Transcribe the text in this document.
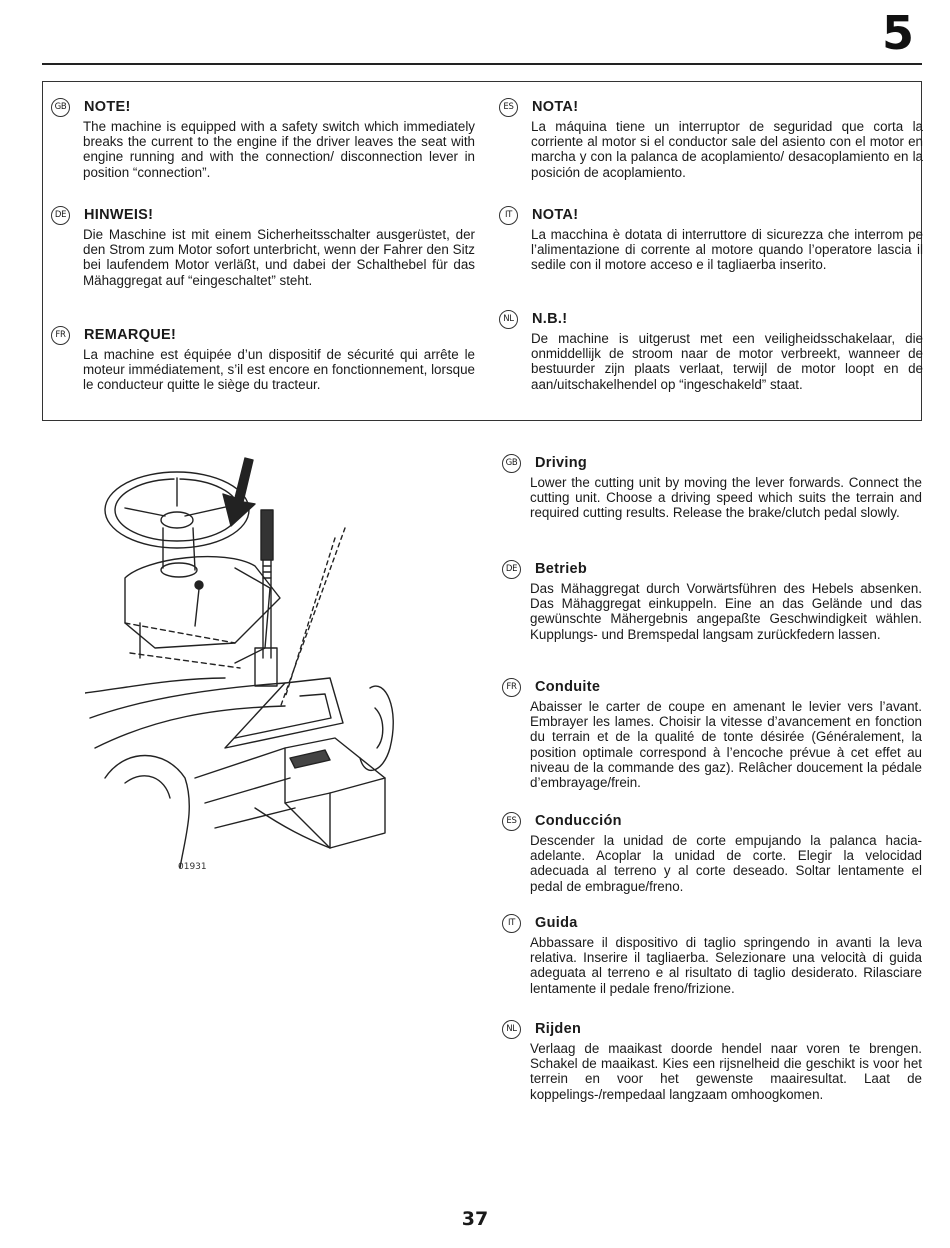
5
GB NOTE!
The machine is equipped with a safety switch which immediately breaks the current to the engine if the driver leaves the seat with engine running and with the connection/ disconnection lever in position “connection”.
DE HINWEIS!
Die Maschine ist mit einem Sicherheitsschalter ausgerüstet, der den Strom zum Motor sofort unterbricht, wenn der Fahrer den Sitz bei laufendem Motor verläßt, und dabei der Schalthebel für das Mähaggregat auf “eingeschaltet” steht.
FR	REMARQUE!
La machine est équipée d’un dispositif de sécurité qui arrête le moteur immédiatement, s’il est encore en fonctionnement, lorsque le conducteur quitte le siège du tracteur.
ES	NOTA!
La máquina tiene un interruptor de seguridad que corta la corriente al motor si el conductor sale del asiento con el motor en marcha y con la palanca de acoplamiento/ desacoplamiento en la posición de acoplamiento.
IT	NOTA!
La macchina è dotata di interruttore di sicurezza che interrom pe l’alimentazione di corrente al motore quando l’operatore lascia il sedile con il motore acceso e il tagliaerba inserito.
NL N.B.!
De machine is uitgerust met een veiligheidsschakelaar, die onmiddellijk de stroom naar de motor verbreekt, wanneer de bestuurder zijn plaats verlaat, terwijl de motor loopt en de aan/uitschakelhendel op “ingeschakeld” staat.
01931
GB Driving
Lower the cutting unit by moving the lever forwards. Connect the cutting unit. Choose a driving speed which suits the terrain and required cutting results. Release the brake/clutch pedal slowly.
DE Betrieb
Das Mähaggregat durch Vorwärtsführen des Hebels absenken. Das Mähaggregat einkuppeln. Eine an das Gelände und das gewünschte Mähergebnis angepaßte Geschwindigkeit wählen. Kupplungs- und Bremspedal langsam zurückfedern lassen.
FR	Conduite
Abaisser le carter de coupe en amenant le levier vers l’avant. Embrayer les lames. Choisir la vitesse d’avancement en fonction du terrain et de la qualité de tonte désirée (Généralement, la position optimale correspond à l’encoche prévue à cet effet au niveau de la commande des gaz). Relâcher doucement la pédale d’embrayage/frein.
ES	Conducción
Descender la unidad de corte empujando la palanca hacia-adelante. Acoplar la unidad de corte. Elegir la velocidad adecuada al terreno y al corte deseado. Soltar lentamente el pedal de embrague/freno.
IT	Guida
Abbassare il dispositivo di taglio springendo in avanti la leva relativa. Inserire il tagliaerba. Selezionare una velocità di guida adeguata al terreno e al risultato di taglio desiderato. Rilasciare lentamente il pedale freno/frizione.
NL Rijden
Verlaag de maaikast doorde hendel naar voren te brengen. Schakel de maaikast. Kies een rijsnelheid die geschikt is voor het terrein en voor het gewenste maairesultat. Laat de koppelings-/rempedaal langzaam omhoogkomen.
37
